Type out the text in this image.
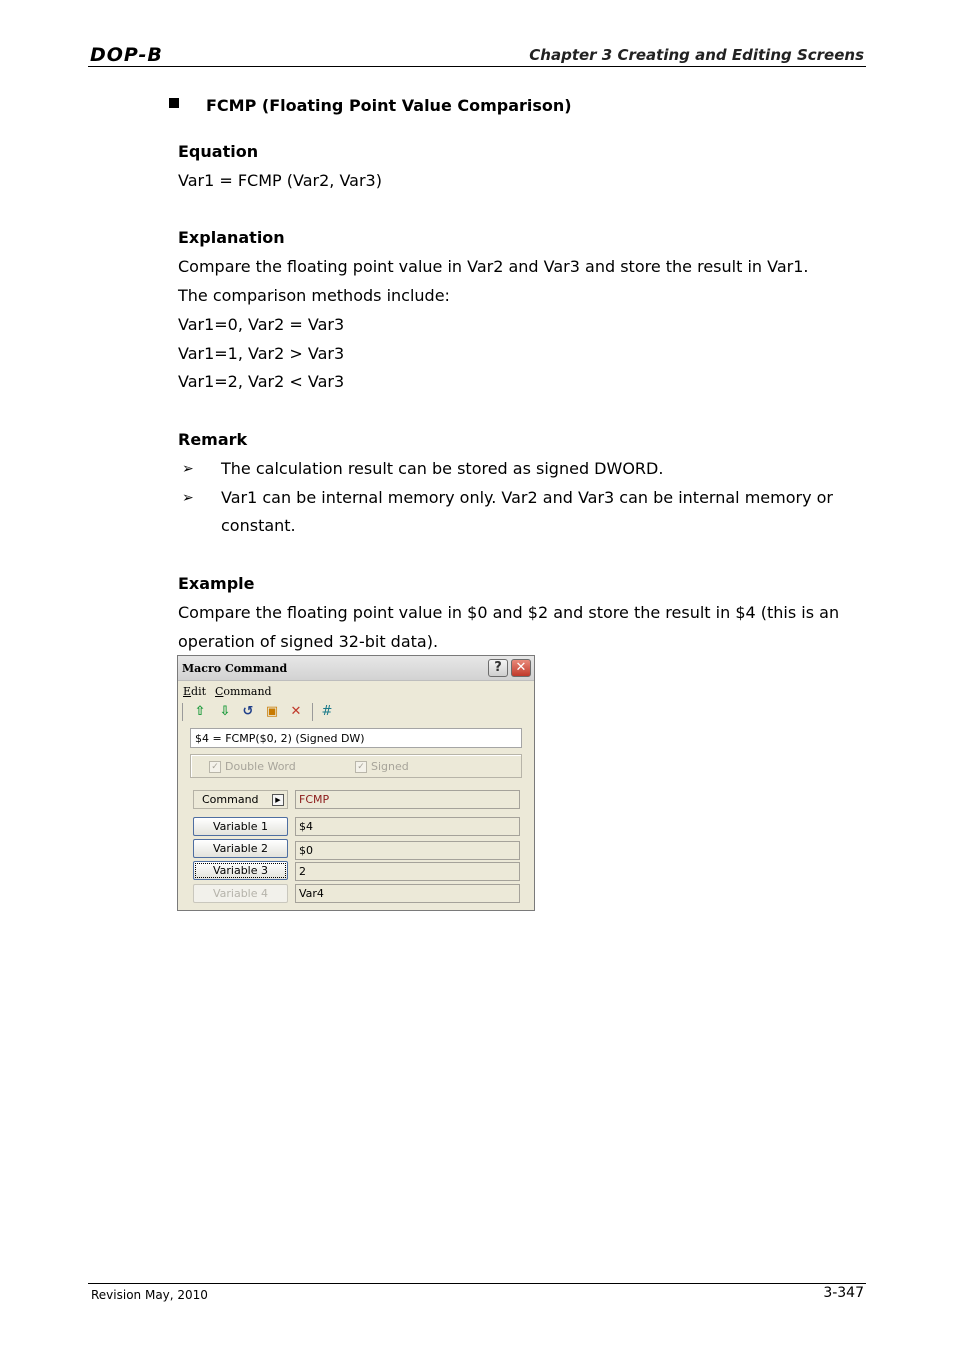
DOP-B	Chapter 3 Creating and Editing Screens
FCMP (Floating Point Value Comparison)
Equation
Var1 = FCMP (Var2, Var3)
Explanation
Compare the floating point value in Var2 and Var3 and store the result in Var1.
The comparison methods include:
Var1=0, Var2 = Var3
Var1=1, Var2 > Var3
Var1=2, Var2 < Var3
Remark
➢ The calculation result can be stored as signed DWORD.
➢ Var1 can be internal memory only. Var2 and Var3 can be internal memory or constant.
Example
Compare the floating point value in $0 and $2 and store the result in $4 (this is an operation of signed 32-bit data).
Macro Command	?	✕
Edit Command
⇧ ⇩ ↺ ▣ ✕ #
$4 = FCMP($0, 2) (Signed DW)
✓ Double Word	✓ Signed
Command	▶	FCMP
Variable 1	$4
Variable 2	$0
Variable 3	2
Variable 4	Var4
Revision May, 2010	3-347
